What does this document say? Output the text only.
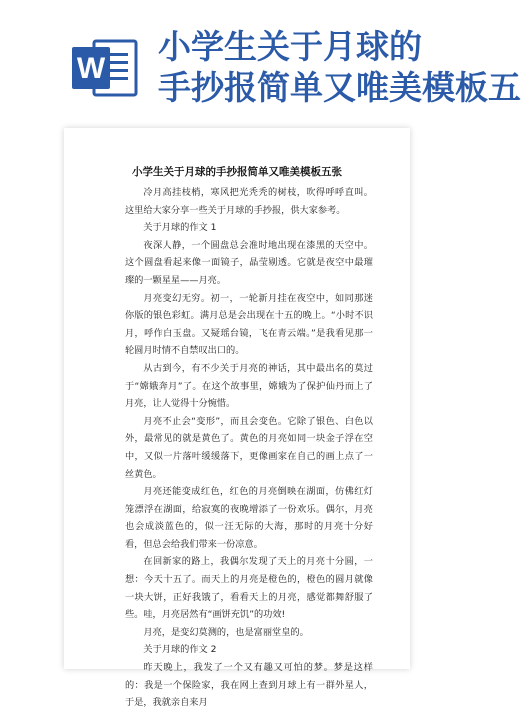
W
小学生关于月球的
手抄报简单又唯美模板五
小学生关于月球的手抄报简单又唯美模板五张

冷月高挂枝梢，寒风把光秃秃的树枝，吹得呼呼直叫。这里给大家分享一些关于月球的手抄报，供大家参考。

关于月球的作文 1

夜深人静，一个圆盘总会准时地出现在漆黑的天空中。这个圆盘看起来像一面镜子，晶莹剔透。它就是夜空中最璀璨的一颗星星——月亮。

月亮变幻无穷。初一，一轮新月挂在夜空中，如同那迷你版的银色彩虹。满月总是会出现在十五的晚上。“小时不识月，呼作白玉盘。又疑瑶台镜，飞在青云端。”是我看见那一轮圆月时情不自禁叹出口的。

从古到今，有不少关于月亮的神话，其中最出名的莫过于“嫦娥奔月”了。在这个故事里，嫦娥为了保护仙丹而上了月亮，让人觉得十分惋惜。

月亮不止会“变形”，而且会变色。它除了银色、白色以外，最常见的就是黄色了。黄色的月亮如同一块金子浮在空中，又似一片落叶缓缓落下，更像画家在自己的画上点了一丝黄色。

月亮还能变成红色，红色的月亮倒映在湖面，仿佛红灯笼漂浮在湖面，给寂寞的夜晚增添了一份欢乐。偶尔，月亮也会成淡蓝色的，似一汪无际的大海，那时的月亮十分好看，但总会给我们带来一份凉意。

在回新家的路上，我偶尔发现了天上的月亮十分圆，一想：今天十五了。而天上的月亮是橙色的，橙色的圆月就像一块大饼，正好我饿了，看看天上的月亮，感觉都舞舒服了些。哇，月亮居然有“画饼充饥”的功效!

月亮，是变幻莫测的，也是富丽堂皇的。

关于月球的作文 2

昨天晚上，我发了一个又有趣又可怕的梦。梦是这样的：我是一个保险家，我在网上查到月球上有一群外星人，于是，我就亲自来月
